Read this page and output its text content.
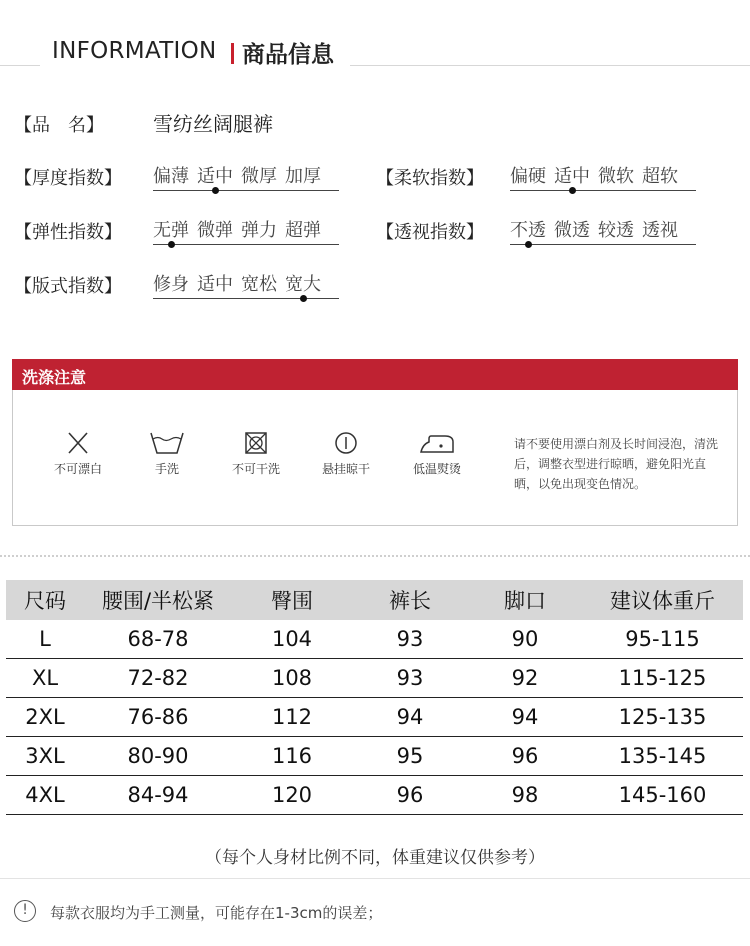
INFORMATION 商品信息
【品　名】 雪纺丝阔腿裤
【厚度指数】 偏薄 适中 微厚 加厚	【柔软指数】 偏硬 适中 微软 超软
【弹性指数】 无弹 微弹 弹力 超弹	【透视指数】 不透 微透 较透 透视
【版式指数】 修身 适中 宽松 宽大
洗涤注意
不可漂白	手洗	不可干洗	悬挂晾干	低温熨烫
请不要使用漂白剂及长时间浸泡，清洗后，调整衣型进行晾晒，避免阳光直晒，以免出现变色情况。
尺码	腰围/半松紧	臀围	裤长	脚口	建议体重斤
L	68-78	104	93	90	95-115
XL	72-82	108	93	92	115-125
2XL	76-86	112	94	94	125-135
3XL	80-90	116	95	96	135-145
4XL	84-94	120	96	98	145-160
（每个人身材比例不同，体重建议仅供参考）
!	每款衣服均为手工测量，可能存在1-3cm的误差；
